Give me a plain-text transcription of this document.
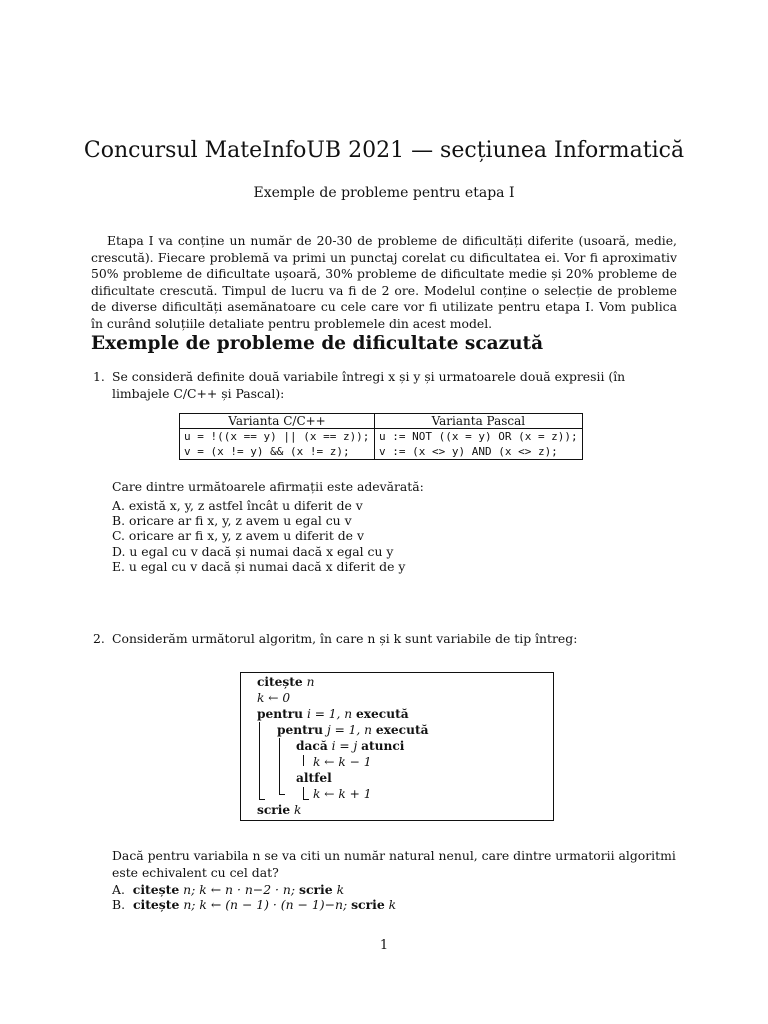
Concursul MateInfoUB 2021 — secțiunea Informatică
Exemple de probleme pentru etapa I
Etapa I va conține un număr de 20-30 de probleme de dificultăți diferite (usoară, medie, crescută). Fiecare problemă va primi un punctaj corelat cu dificultatea ei. Vor fi aproximativ 50% probleme de dificultate ușoară, 30% probleme de dificultate medie și 20% probleme de dificultate crescută. Timpul de lucru va fi de 2 ore. Modelul conține o selecție de probleme de diverse dificultăți asemănatoare cu cele care vor fi utilizate pentru etapa I. Vom publica în curând soluțiile detaliate pentru problemele din acest model.
Exemple de probleme de dificultate scazută
1. Se consideră definite două variabile întregi x și y și urmatoarele două expresii (în limbajele C/C++ și Pascal):
Varianta C/C++	Varianta Pascal
u = !((x == y) || (x == z));	u := NOT ((x = y) OR (x = z));
v = (x != y) && (x != z);	v := (x <> y) AND (x <> z);
Care dintre următoarele afirmații este adevărată:
A. există x, y, z astfel încât u diferit de v
B. oricare ar fi x, y, z avem u egal cu v
C. oricare ar fi x, y, z avem u diferit de v
D. u egal cu v dacă și numai dacă x egal cu y
E. u egal cu v dacă și numai dacă x diferit de y
2. Considerăm următorul algoritm, în care n și k sunt variabile de tip întreg:
citește n
k ← 0
pentru i = 1, n execută
pentru j = 1, n execută
dacă i = j atunci
k ← k − 1
altfel
k ← k + 1
scrie k
Dacă pentru variabila n se va citi un număr natural nenul, care dintre urmatorii algoritmi este echivalent cu cel dat?
A. citește n; k ← n · n−2 · n; scrie k
B. citește n; k ← (n − 1) · (n − 1)−n; scrie k
1
